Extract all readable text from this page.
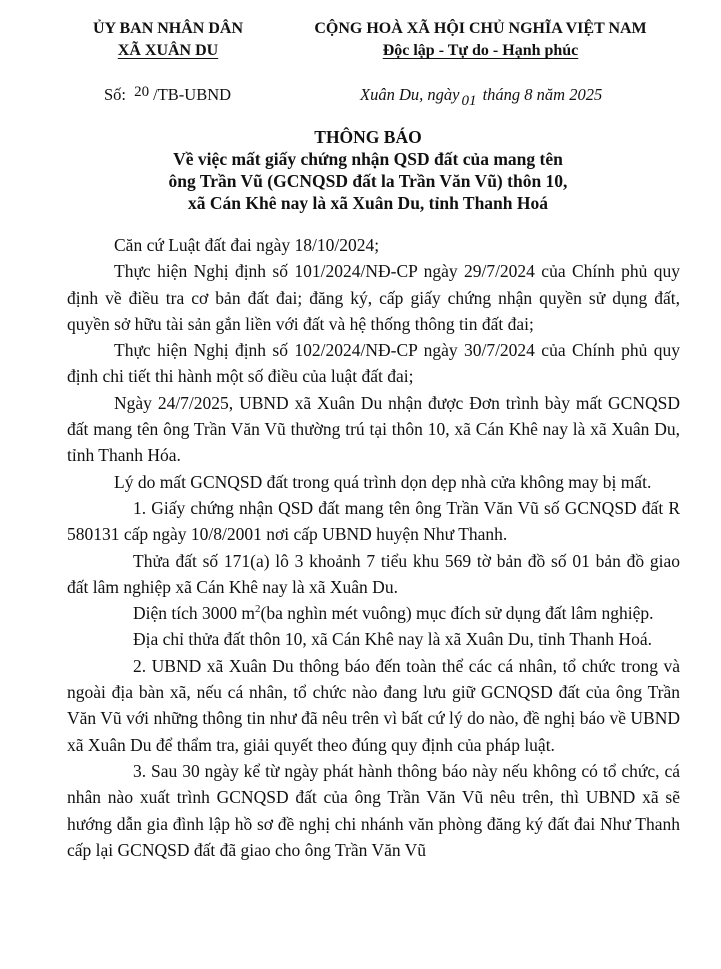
ỦY BAN NHÂN DÂN
XÃ XUÂN DU
CỘNG HOÀ XÃ HỘI CHỦ NGHĨA VIỆT NAM
Độc lập - Tự do - Hạnh phúc
Số: 20 /TB-UBND	Xuân Du, ngày 01 tháng 8 năm 2025
THÔNG BÁO
Về việc mất giấy chứng nhận QSD đất của mang tên
ông Trần Vũ (GCNQSD đất la Trần Văn Vũ) thôn 10,
xã Cán Khê nay là xã Xuân Du, tỉnh Thanh Hoá

Căn cứ Luật đất đai ngày 18/10/2024;

Thực hiện Nghị định số 101/2024/NĐ-CP ngày 29/7/2024 của Chính phủ quy định về điều tra cơ bản đất đai; đăng ký, cấp giấy chứng nhận quyền sử dụng đất, quyền sở hữu tài sản gắn liền với đất và hệ thống thông tin đất đai;

Thực hiện Nghị định số 102/2024/NĐ-CP ngày 30/7/2024 của Chính phủ quy định chi tiết thi hành một số điều của luật đất đai;

Ngày 24/7/2025, UBND xã Xuân Du nhận được Đơn trình bày mất GCNQSD đất mang tên ông Trần Văn Vũ thường trú tại thôn 10, xã Cán Khê nay là xã Xuân Du, tỉnh Thanh Hóa.

Lý do mất GCNQSD đất trong quá trình dọn dẹp nhà cửa không may bị mất.

1. Giấy chứng nhận QSD đất mang tên ông Trần Văn Vũ số GCNQSD đất R 580131 cấp ngày 10/8/2001 nơi cấp UBND huyện Như Thanh.

Thửa đất số 171(a) lô 3 khoảnh 7 tiểu khu 569 tờ bản đồ số 01 bản đồ giao đất lâm nghiệp xã Cán Khê nay là xã Xuân Du.

Diện tích 3000 $m^2(ba$ nghìn mét vuông) mục đích sử dụng đất lâm nghiệp.

Địa chỉ thửa đất thôn 10, xã Cán Khê nay là xã Xuân Du, tỉnh Thanh Hoá.

2. UBND xã Xuân Du thông báo đến toàn thể các cá nhân, tổ chức trong và ngoài địa bàn xã, nếu cá nhân, tổ chức nào đang lưu giữ GCNQSD đất của ông Trần Văn Vũ với những thông tin như đã nêu trên vì bất cứ lý do nào, đề nghị báo về UBND xã Xuân Du để thẩm tra, giải quyết theo đúng quy định của pháp luật.

3. Sau 30 ngày kể từ ngày phát hành thông báo này nếu không có tổ chức, cá nhân nào xuất trình GCNQSD đất của ông Trần Văn Vũ nêu trên, thì UBND xã sẽ hướng dẫn gia đình lập hồ sơ đề nghị chi nhánh văn phòng đăng ký đất đai Như Thanh cấp lại GCNQSD đất đã giao cho ông Trần Văn Vũ
